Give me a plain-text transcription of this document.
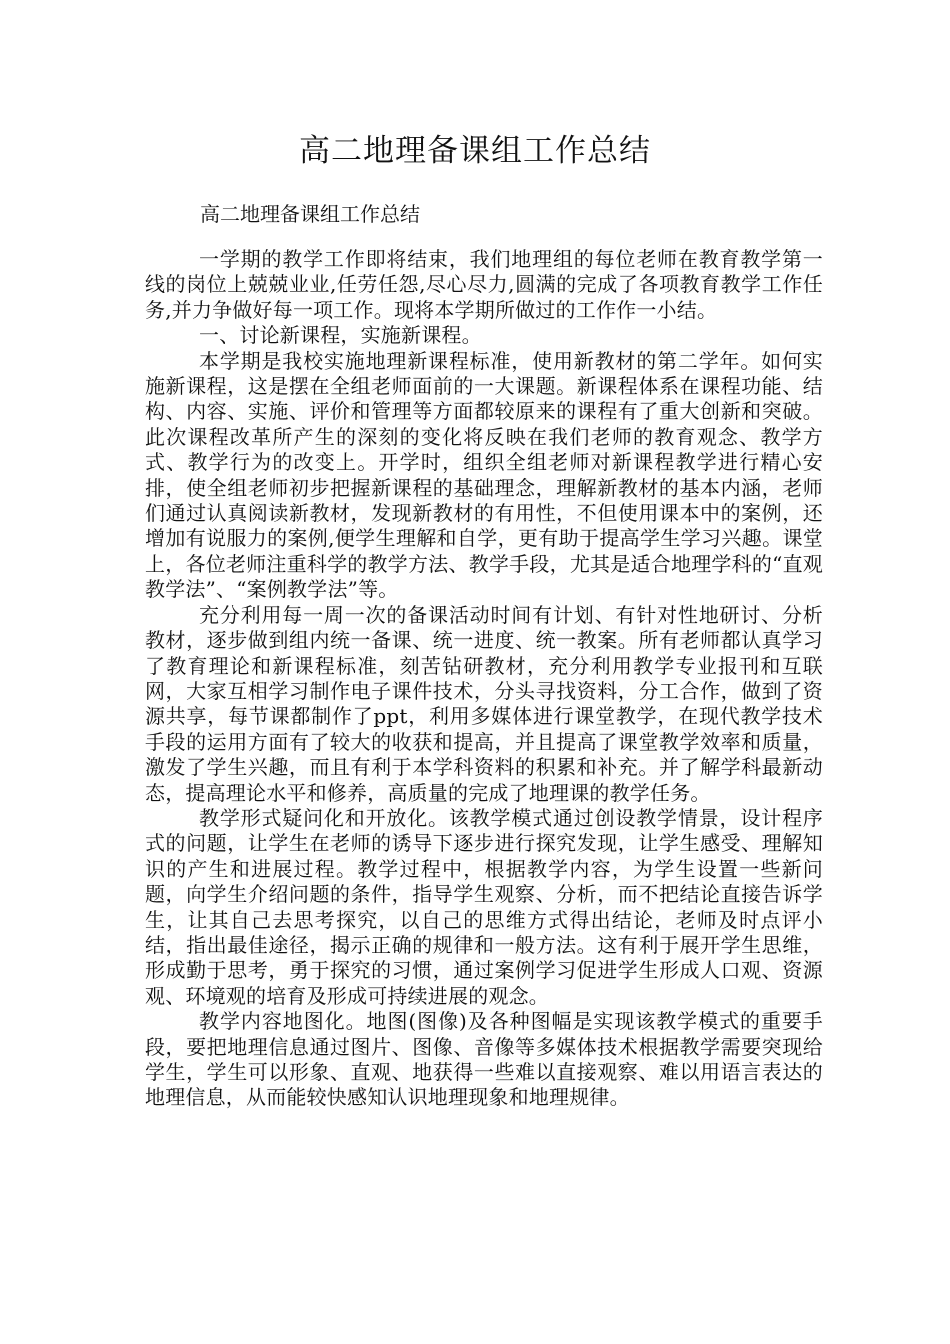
高二地理备课组工作总结
高二地理备课组工作总结

一学期的教学工作即将结束，我们地理组的每位老师在教育教学第一线的岗位上兢兢业业,任劳任怨,尽心尽力,圆满的完成了各项教育教学工作任务,并力争做好每一项工作。现将本学期所做过的工作作一小结。

一、讨论新课程，实施新课程。

本学期是我校实施地理新课程标准，使用新教材的第二学年。如何实施新课程，这是摆在全组老师面前的一大课题。新课程体系在课程功能、结构、内容、实施、评价和管理等方面都较原来的课程有了重大创新和突破。此次课程改革所产生的深刻的变化将反映在我们老师的教育观念、教学方式、教学行为的改变上。开学时，组织全组老师对新课程教学进行精心安排，使全组老师初步把握新课程的基础理念，理解新教材的基本内涵，老师们通过认真阅读新教材，发现新教材的有用性，不但使用课本中的案例，还增加有说服力的案例,便学生理解和自学，更有助于提高学生学习兴趣。课堂上，各位老师注重科学的教学方法、教学手段，尤其是适合地理学科的“直观教学法”、“案例教学法”等。

充分利用每一周一次的备课活动时间有计划、有针对性地研讨、分析教材，逐步做到组内统一备课、统一进度、统一教案。所有老师都认真学习了教育理论和新课程标准，刻苦钻研教材，充分利用教学专业报刊和互联网，大家互相学习制作电子课件技术，分头寻找资料，分工合作，做到了资源共享，每节课都制作了ppt，利用多媒体进行课堂教学，在现代教学技术手段的运用方面有了较大的收获和提高，并且提高了课堂教学效率和质量，激发了学生兴趣，而且有利于本学科资料的积累和补充。并了解学科最新动态，提高理论水平和修养，高质量的完成了地理课的教学任务。

教学形式疑问化和开放化。该教学模式通过创设教学情景，设计程序式的问题，让学生在老师的诱导下逐步进行探究发现，让学生感受、理解知识的产生和进展过程。教学过程中，根据教学内容，为学生设置一些新问题，向学生介绍问题的条件，指导学生观察、分析，而不把结论直接告诉学生，让其自己去思考探究，以自己的思维方式得出结论，老师及时点评小结，指出最佳途径，揭示正确的规律和一般方法。这有利于展开学生思维，形成勤于思考，勇于探究的习惯，通过案例学习促进学生形成人口观、资源观、环境观的培育及形成可持续进展的观念。

教学内容地图化。地图(图像)及各种图幅是实现该教学模式的重要手段，要把地理信息通过图片、图像、音像等多媒体技术根据教学需要突现给学生，学生可以形象、直观、地获得一些难以直接观察、难以用语言表达的地理信息，从而能较快感知认识地理现象和地理规律。
